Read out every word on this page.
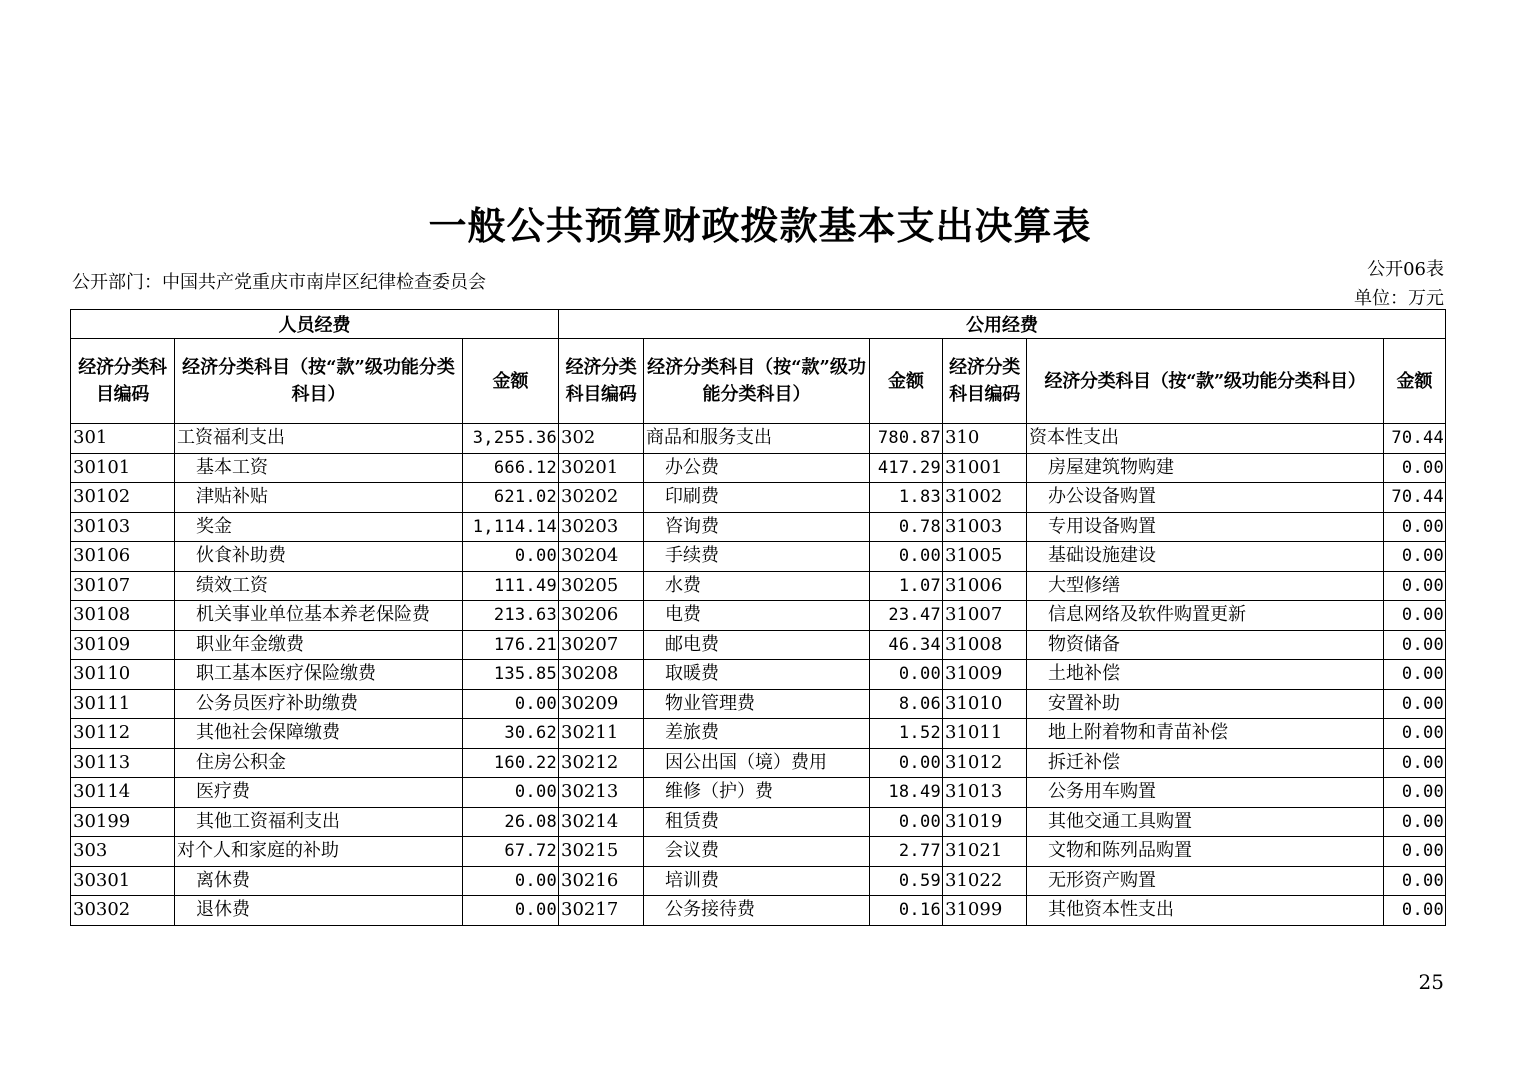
一般公共预算财政拨款基本支出决算表
公开部门：中国共产党重庆市南岸区纪律检查委员会
公开06表
单位：万元
人员经费			公用经费					
经济分类科目编码	经济分类科目（按“款”级功能分类科目）	金额	经济分类科目编码	经济分类科目（按“款”级功能分类科目）	金额	经济分类科目编码	经济分类科目（按“款”级功能分类科目）	金额
301	工资福利支出	3,255.36	302	商品和服务支出	780.87	310	资本性支出	70.44
30101	基本工资	666.12	30201	办公费	417.29	31001	房屋建筑物购建	0.00
30102	津贴补贴	621.02	30202	印刷费	1.83	31002	办公设备购置	70.44
30103	奖金	1,114.14	30203	咨询费	0.78	31003	专用设备购置	0.00
30106	伙食补助费	0.00	30204	手续费	0.00	31005	基础设施建设	0.00
30107	绩效工资	111.49	30205	水费	1.07	31006	大型修缮	0.00
30108	机关事业单位基本养老保险费	213.63	30206	电费	23.47	31007	信息网络及软件购置更新	0.00
30109	职业年金缴费	176.21	30207	邮电费	46.34	31008	物资储备	0.00
30110	职工基本医疗保险缴费	135.85	30208	取暖费	0.00	31009	土地补偿	0.00
30111	公务员医疗补助缴费	0.00	30209	物业管理费	8.06	31010	安置补助	0.00
30112	其他社会保障缴费	30.62	30211	差旅费	1.52	31011	地上附着物和青苗补偿	0.00
30113	住房公积金	160.22	30212	因公出国（境）费用	0.00	31012	拆迁补偿	0.00
30114	医疗费	0.00	30213	维修（护）费	18.49	31013	公务用车购置	0.00
30199	其他工资福利支出	26.08	30214	租赁费	0.00	31019	其他交通工具购置	0.00
303	对个人和家庭的补助	67.72	30215	会议费	2.77	31021	文物和陈列品购置	0.00
30301	离休费	0.00	30216	培训费	0.59	31022	无形资产购置	0.00
30302	退休费	0.00	30217	公务接待费	0.16	31099	其他资本性支出	0.00
25
